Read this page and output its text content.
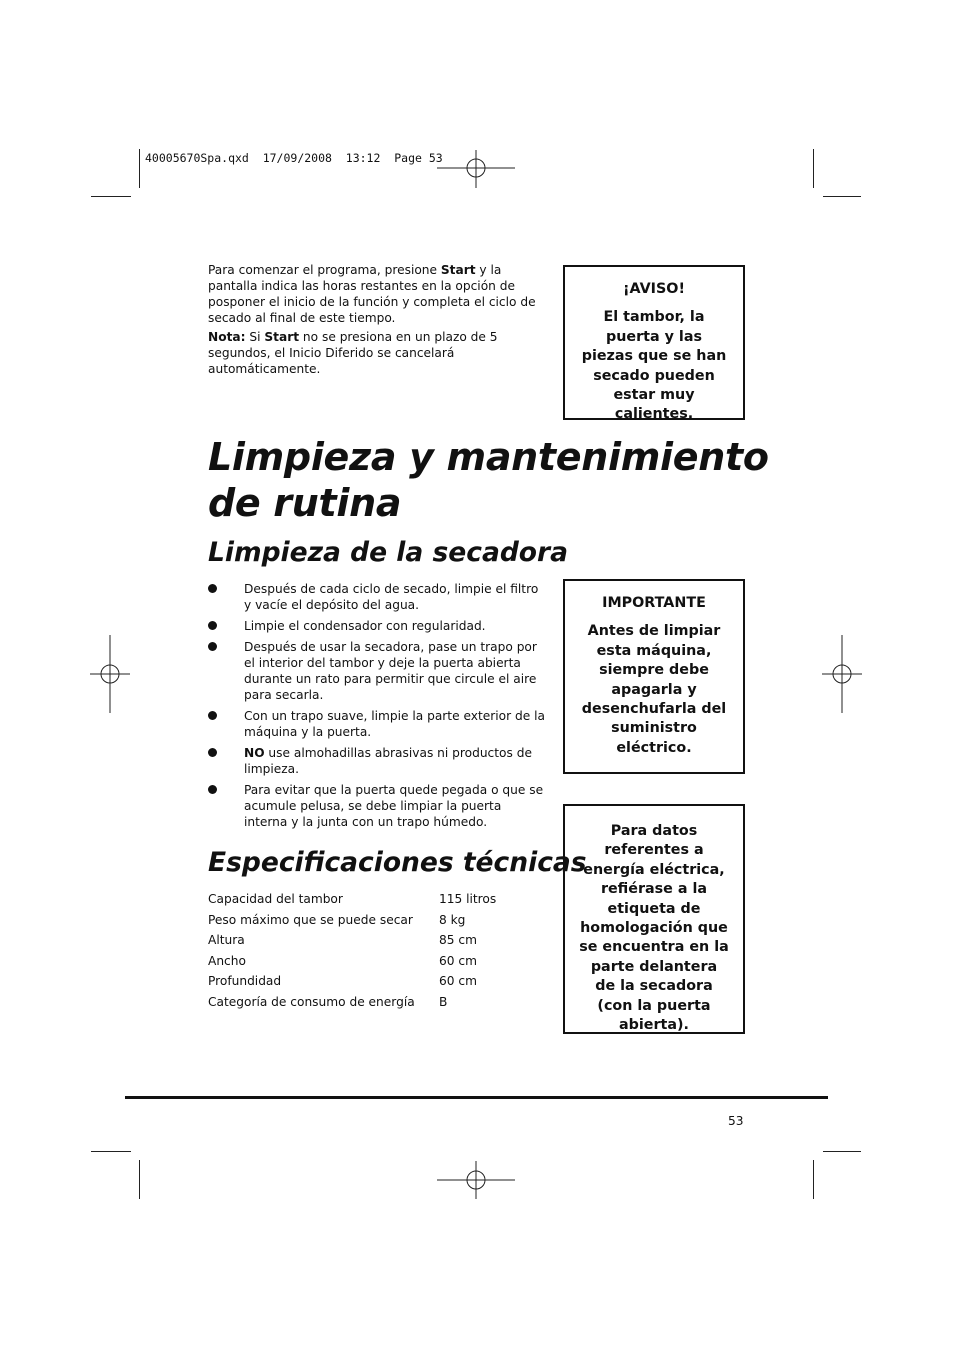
40005670Spa.qxd  17/09/2008  13:12  Page 53

Para comenzar el programa, presione Start y la pantalla indica las horas restantes en la opción de posponer el inicio de la función y completa el ciclo de secado al final de este tiempo.

Nota: Si Start no se presiona en un plazo de 5 segundos, el Inicio Diferido se cancelará automáticamente.

¡AVISO!
El tambor, la puerta y las piezas que se han secado pueden estar muy calientes.
Limpieza y mantenimiento
de rutina
Limpieza de la secadora
Después de cada ciclo de secado, limpie el filtro y vacíe el depósito del agua.
Limpie el condensador con regularidad.
Después de usar la secadora, pase un trapo por el interior del tambor y deje la puerta abierta durante un rato para permitir que circule el aire para secarla.
Con un trapo suave, limpie la parte exterior de la máquina y la puerta.
NO use almohadillas abrasivas ni productos de limpieza.
Para evitar que la puerta quede pegada o que se acumule pelusa, se debe limpiar la puerta interna y la junta con un trapo húmedo.
IMPORTANTE
Antes de limpiar esta máquina, siempre debe apagarla y desenchufarla del suministro eléctrico.
Especificaciones técnicas
Capacidad del tambor	115 litros
Peso máximo que se puede secar	8 kg
Altura	85 cm
Ancho	60 cm
Profundidad	60 cm
Categoría de consumo de energía	B
Para datos referentes a energía eléctrica, refiérase a la etiqueta de homologación que se encuentra en la parte delantera de la secadora (con la puerta abierta).
53
